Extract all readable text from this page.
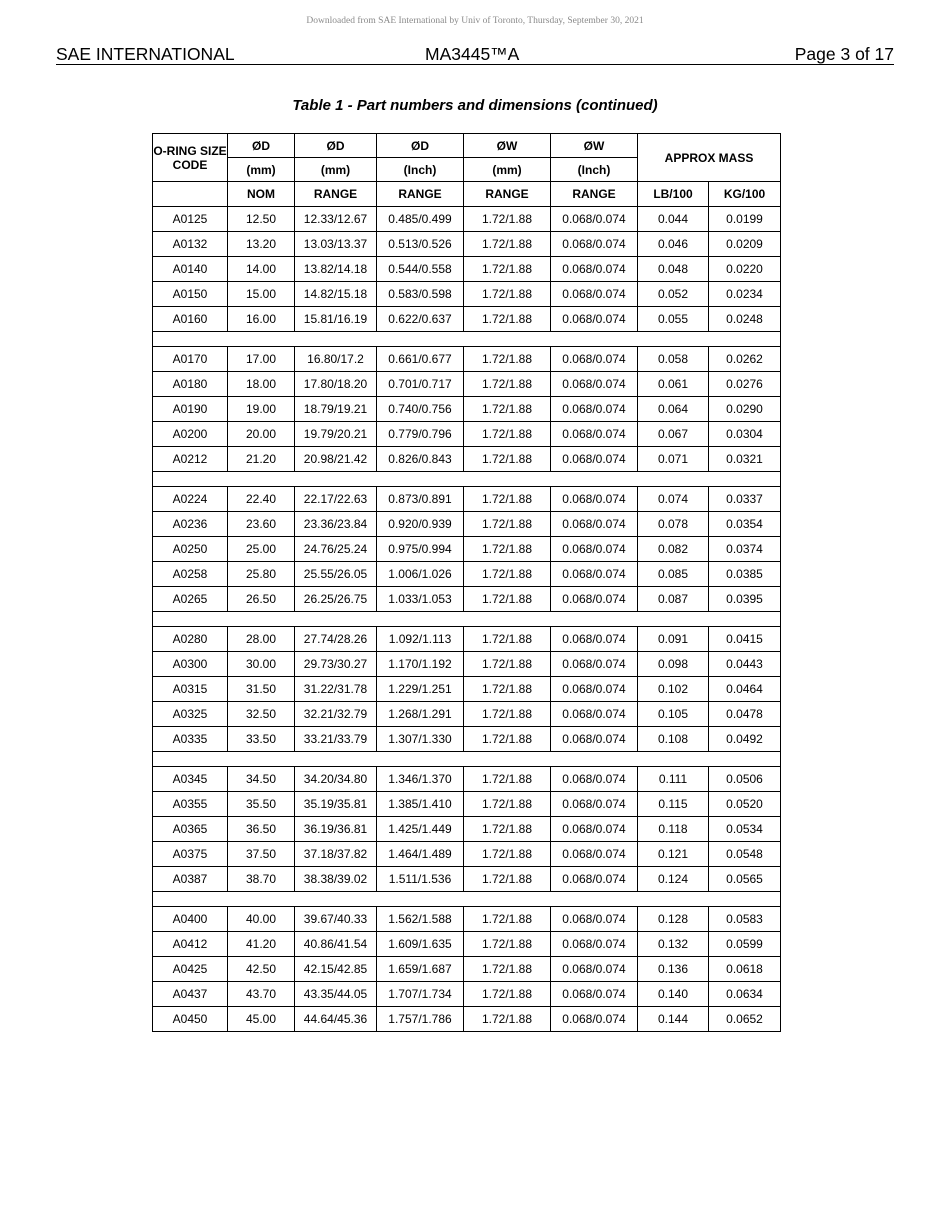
Downloaded from SAE International by Univ of Toronto, Thursday, September 30, 2021
SAE INTERNATIONAL	MA3445™A	Page 3 of 17
Table 1 - Part numbers and dimensions (continued)
O-RING SIZE CODE	ØD	ØD	ØD	ØW	ØW	APPROX MASS	
	(mm)	(mm)	(Inch)	(mm)	(Inch)		
	NOM	RANGE	RANGE	RANGE	RANGE	LB/100	KG/100
A0125	12.50	12.33/12.67	0.485/0.499	1.72/1.88	0.068/0.074	0.044	0.0199
A0132	13.20	13.03/13.37	0.513/0.526	1.72/1.88	0.068/0.074	0.046	0.0209
A0140	14.00	13.82/14.18	0.544/0.558	1.72/1.88	0.068/0.074	0.048	0.0220
A0150	15.00	14.82/15.18	0.583/0.598	1.72/1.88	0.068/0.074	0.052	0.0234
A0160	16.00	15.81/16.19	0.622/0.637	1.72/1.88	0.068/0.074	0.055	0.0248

A0170	17.00	16.80/17.2	0.661/0.677	1.72/1.88	0.068/0.074	0.058	0.0262
A0180	18.00	17.80/18.20	0.701/0.717	1.72/1.88	0.068/0.074	0.061	0.0276
A0190	19.00	18.79/19.21	0.740/0.756	1.72/1.88	0.068/0.074	0.064	0.0290
A0200	20.00	19.79/20.21	0.779/0.796	1.72/1.88	0.068/0.074	0.067	0.0304
A0212	21.20	20.98/21.42	0.826/0.843	1.72/1.88	0.068/0.074	0.071	0.0321

A0224	22.40	22.17/22.63	0.873/0.891	1.72/1.88	0.068/0.074	0.074	0.0337
A0236	23.60	23.36/23.84	0.920/0.939	1.72/1.88	0.068/0.074	0.078	0.0354
A0250	25.00	24.76/25.24	0.975/0.994	1.72/1.88	0.068/0.074	0.082	0.0374
A0258	25.80	25.55/26.05	1.006/1.026	1.72/1.88	0.068/0.074	0.085	0.0385
A0265	26.50	26.25/26.75	1.033/1.053	1.72/1.88	0.068/0.074	0.087	0.0395

A0280	28.00	27.74/28.26	1.092/1.113	1.72/1.88	0.068/0.074	0.091	0.0415
A0300	30.00	29.73/30.27	1.170/1.192	1.72/1.88	0.068/0.074	0.098	0.0443
A0315	31.50	31.22/31.78	1.229/1.251	1.72/1.88	0.068/0.074	0.102	0.0464
A0325	32.50	32.21/32.79	1.268/1.291	1.72/1.88	0.068/0.074	0.105	0.0478
A0335	33.50	33.21/33.79	1.307/1.330	1.72/1.88	0.068/0.074	0.108	0.0492

A0345	34.50	34.20/34.80	1.346/1.370	1.72/1.88	0.068/0.074	0.111	0.0506
A0355	35.50	35.19/35.81	1.385/1.410	1.72/1.88	0.068/0.074	0.115	0.0520
A0365	36.50	36.19/36.81	1.425/1.449	1.72/1.88	0.068/0.074	0.118	0.0534
A0375	37.50	37.18/37.82	1.464/1.489	1.72/1.88	0.068/0.074	0.121	0.0548
A0387	38.70	38.38/39.02	1.511/1.536	1.72/1.88	0.068/0.074	0.124	0.0565

A0400	40.00	39.67/40.33	1.562/1.588	1.72/1.88	0.068/0.074	0.128	0.0583
A0412	41.20	40.86/41.54	1.609/1.635	1.72/1.88	0.068/0.074	0.132	0.0599
A0425	42.50	42.15/42.85	1.659/1.687	1.72/1.88	0.068/0.074	0.136	0.0618
A0437	43.70	43.35/44.05	1.707/1.734	1.72/1.88	0.068/0.074	0.140	0.0634
A0450	45.00	44.64/45.36	1.757/1.786	1.72/1.88	0.068/0.074	0.144	0.0652
